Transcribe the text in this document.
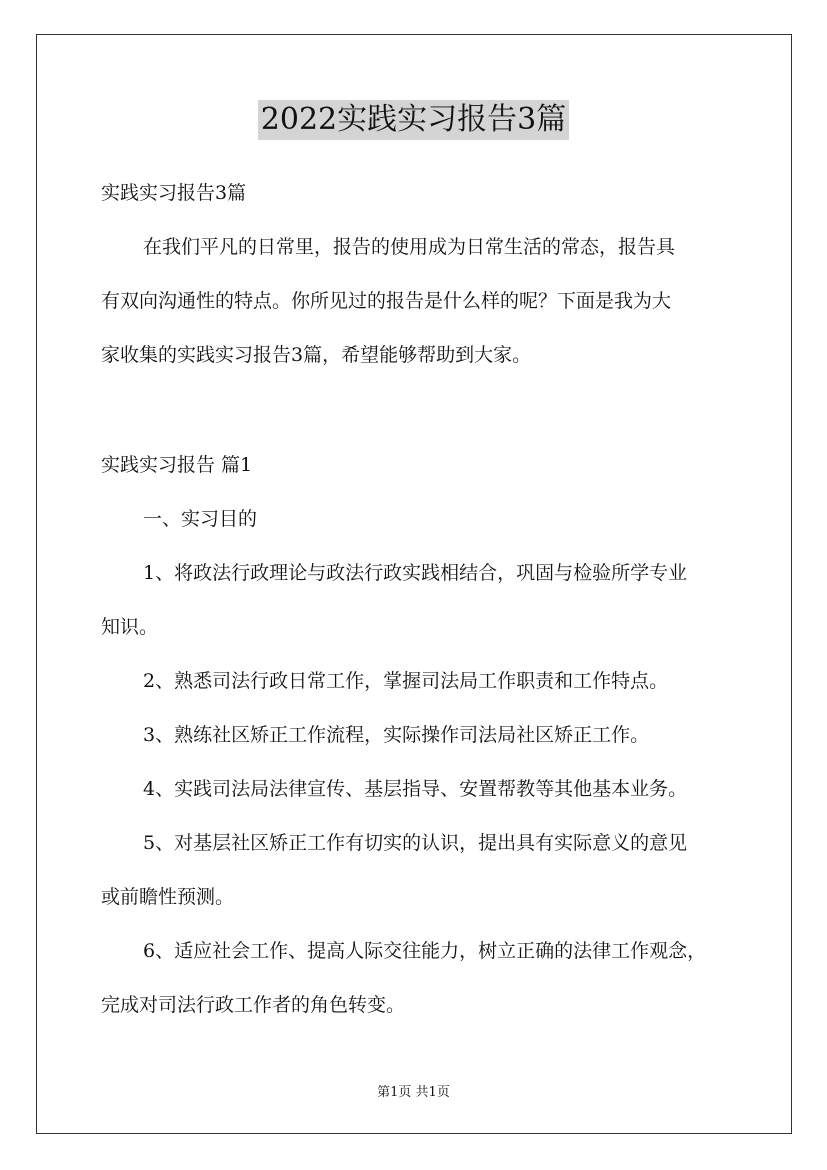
2022实践实习报告3篇
实践实习报告3篇
在我们平凡的日常里，报告的使用成为日常生活的常态，报告具
有双向沟通性的特点。你所见过的报告是什么样的呢？下面是我为大
家收集的实践实习报告3篇，希望能够帮助到大家。
实践实习报告 篇1
一、实习目的
1、将政法行政理论与政法行政实践相结合，巩固与检验所学专业
知识。
2、熟悉司法行政日常工作，掌握司法局工作职责和工作特点。
3、熟练社区矫正工作流程，实际操作司法局社区矫正工作。
4、实践司法局法律宣传、基层指导、安置帮教等其他基本业务。
5、对基层社区矫正工作有切实的认识，提出具有实际意义的意见
或前瞻性预测。
6、适应社会工作、提高人际交往能力，树立正确的法律工作观念，
完成对司法行政工作者的角色转变。
第1页 共1页
